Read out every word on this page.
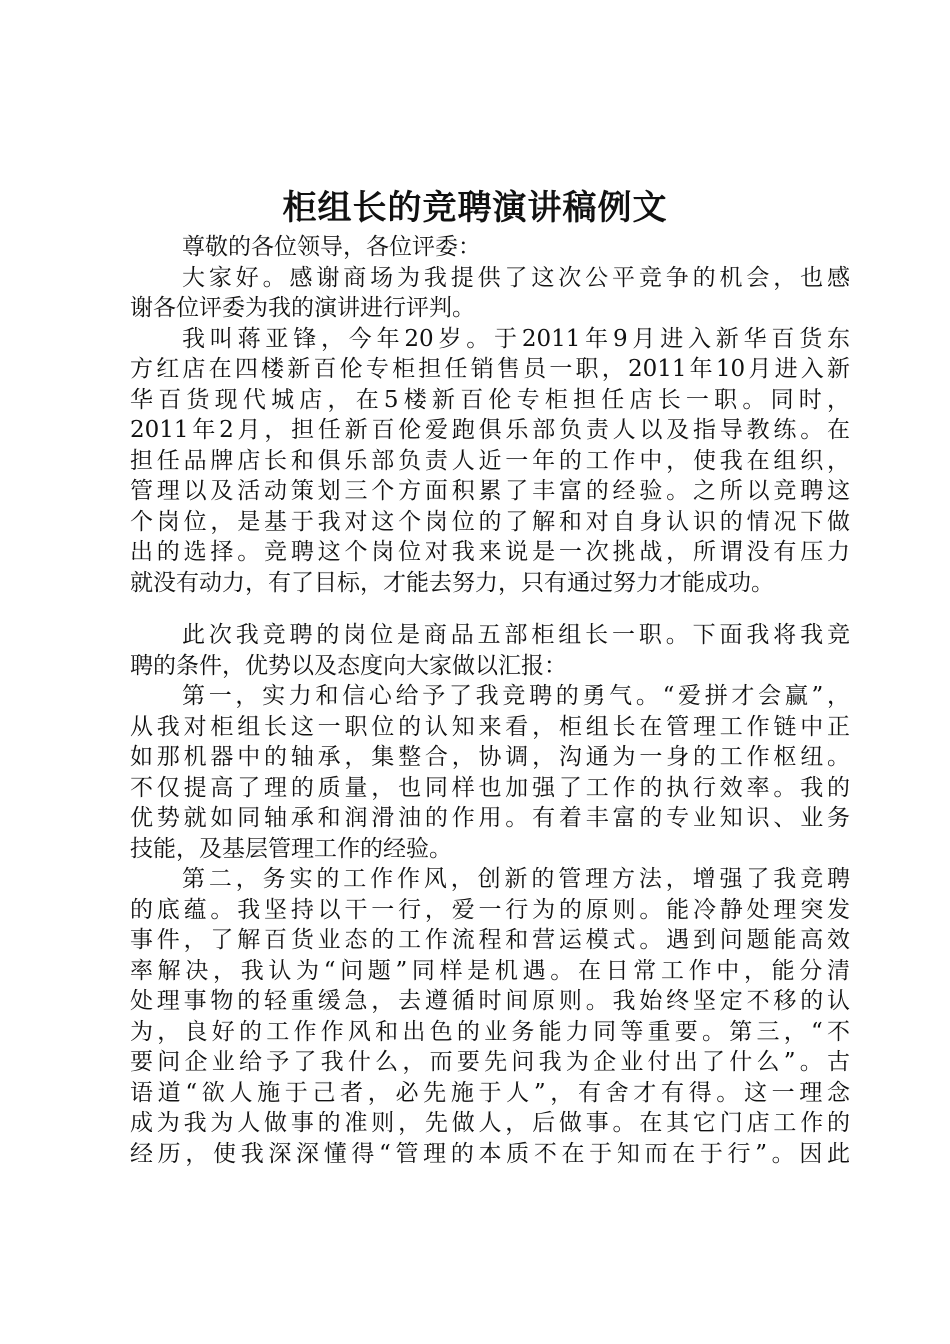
柜组长的竞聘演讲稿例文
尊敬的各位领导，各位评委：
大家好。感谢商场为我提供了这次公平竞争的机会，也感
谢各位评委为我的演讲进行评判。
我叫蒋亚锋，今年20岁。于2011年9月进入新华百货东
方红店在四楼新百伦专柜担任销售员一职，2011年10月进入新
华百货现代城店，在5楼新百伦专柜担任店长一职。同时，
2011年2月，担任新百伦爱跑俱乐部负责人以及指导教练。在
担任品牌店长和俱乐部负责人近一年的工作中，使我在组织，
管理以及活动策划三个方面积累了丰富的经验。之所以竞聘这
个岗位，是基于我对这个岗位的了解和对自身认识的情况下做
出的选择。竞聘这个岗位对我来说是一次挑战，所谓没有压力
就没有动力，有了目标，才能去努力，只有通过努力才能成功。
此次我竞聘的岗位是商品五部柜组长一职。下面我将我竞
聘的条件，优势以及态度向大家做以汇报：
第一，实力和信心给予了我竞聘的勇气。“爱拼才会赢”，
从我对柜组长这一职位的认知来看，柜组长在管理工作链中正
如那机器中的轴承，集整合，协调，沟通为一身的工作枢纽。
不仅提高了理的质量，也同样也加强了工作的执行效率。我的
优势就如同轴承和润滑油的作用。有着丰富的专业知识、业务
技能，及基层管理工作的经验。
第二，务实的工作作风，创新的管理方法，增强了我竞聘
的底蕴。我坚持以干一行，爱一行为的原则。能冷静处理突发
事件，了解百货业态的工作流程和营运模式。遇到问题能高效
率解决，我认为“问题”同样是机遇。在日常工作中，能分清
处理事物的轻重缓急，去遵循时间原则。我始终坚定不移的认
为，良好的工作作风和出色的业务能力同等重要。第三，“不
要问企业给予了我什么，而要先问我为企业付出了什么”。古
语道“欲人施于己者，必先施于人”，有舍才有得。这一理念
成为我为人做事的准则，先做人，后做事。在其它门店工作的
经历，使我深深懂得“管理的本质不在于知而在于行”。因此
